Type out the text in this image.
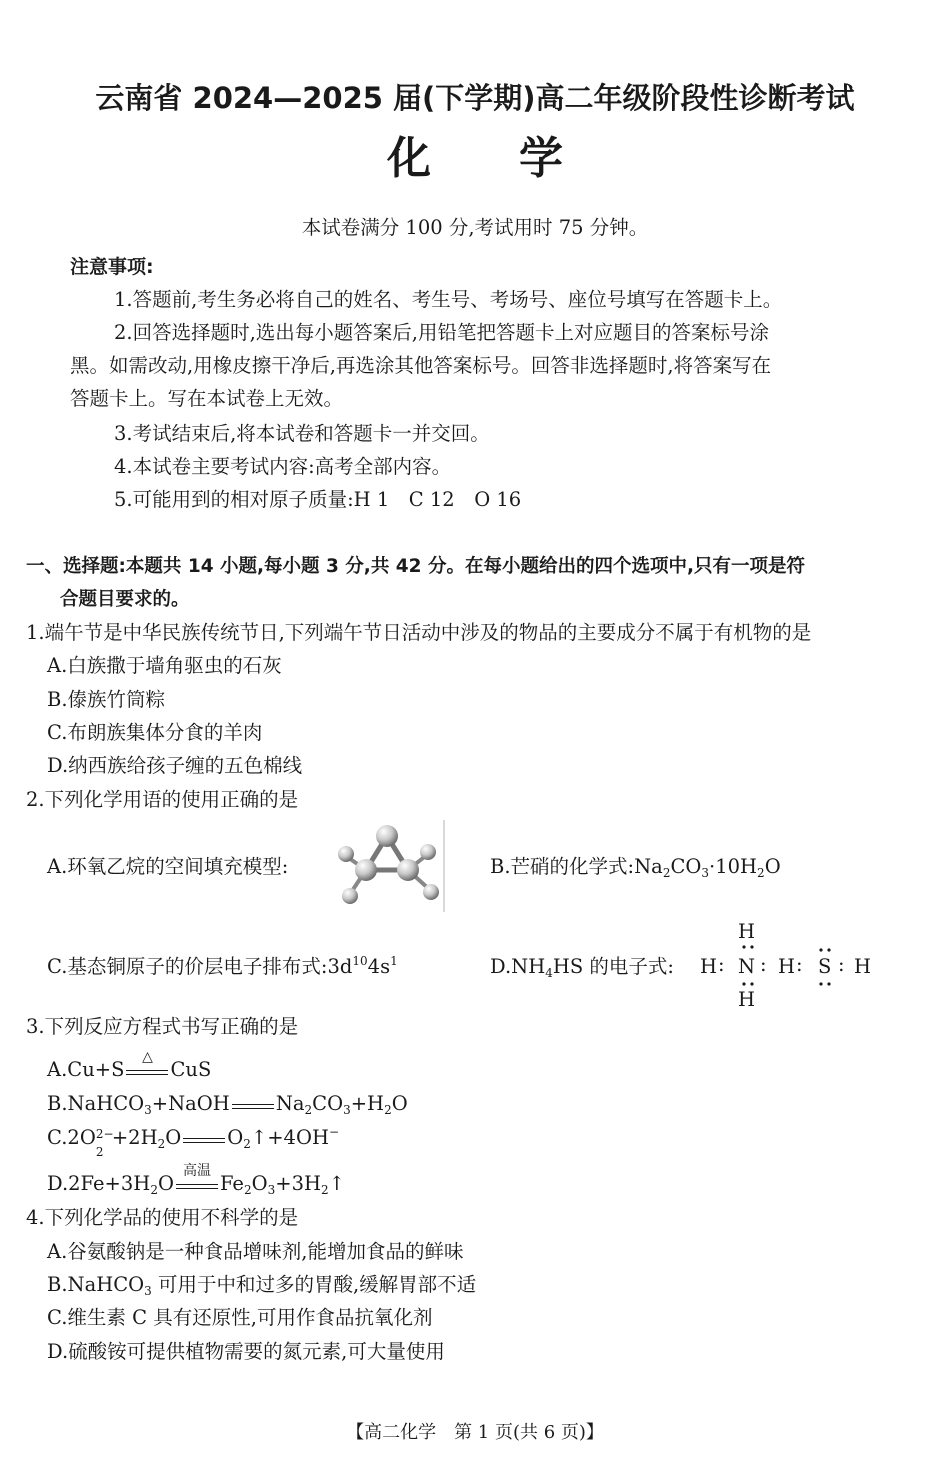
云南省 2024—2025 届(下学期)高二年级阶段性诊断考试
化　　学
本试卷满分 100 分,考试用时 75 分钟。
注意事项:
1.答题前,考生务必将自己的姓名、考生号、考场号、座位号填写在答题卡上。
2.回答选择题时,选出每小题答案后,用铅笔把答题卡上对应题目的答案标号涂
黑。如需改动,用橡皮擦干净后,再选涂其他答案标号。回答非选择题时,将答案写在
答题卡上。写在本试卷上无效。
3.考试结束后,将本试卷和答题卡一并交回。
4.本试卷主要考试内容:高考全部内容。
5.可能用到的相对原子质量:H 1　C 12　O 16
一、选择题:本题共 14 小题,每小题 3 分,共 42 分。在每小题给出的四个选项中,只有一项是符
合题目要求的。
1.端午节是中华民族传统节日,下列端午节日活动中涉及的物品的主要成分不属于有机物的是
A.白族撒于墙角驱虫的石灰
B.傣族竹筒粽
C.布朗族集体分食的羊肉
D.纳西族给孩子缠的五色棉线
2.下列化学用语的使用正确的是
A.环氧乙烷的空间填充模型:	B.芒硝的化学式$:Na_2CO_3\cdot 10H_2O$
C.基态铜原子的价层电子排布式$:3d^{10}4s^1$	$D.NH_4HS$ 的电子式:
H
H : N : H : S : H
H
3.下列反应方程式书写正确的是
A.Cu+S
△
CuS
B.NaHCO$_3$+NaOH $Na_2CO_3+H_2O$
C.2O 2−
2
$+2H_2O$ $O_2↑+4OH^-$
$D.2Fe+3H_2O$
高温
$Fe_2O_3+3H_2↑$
4.下列化学品的使用不科学的是
A.谷氨酸钠是一种食品增味剂,能增加食品的鲜味
B.NaHCO$_3$ 可用于中和过多的胃酸,缓解胃部不适
C.维生素 C 具有还原性,可用作食品抗氧化剂
D.硫酸铵可提供植物需要的氮元素,可大量使用
【高二化学　第 1 页(共 6 页)】
